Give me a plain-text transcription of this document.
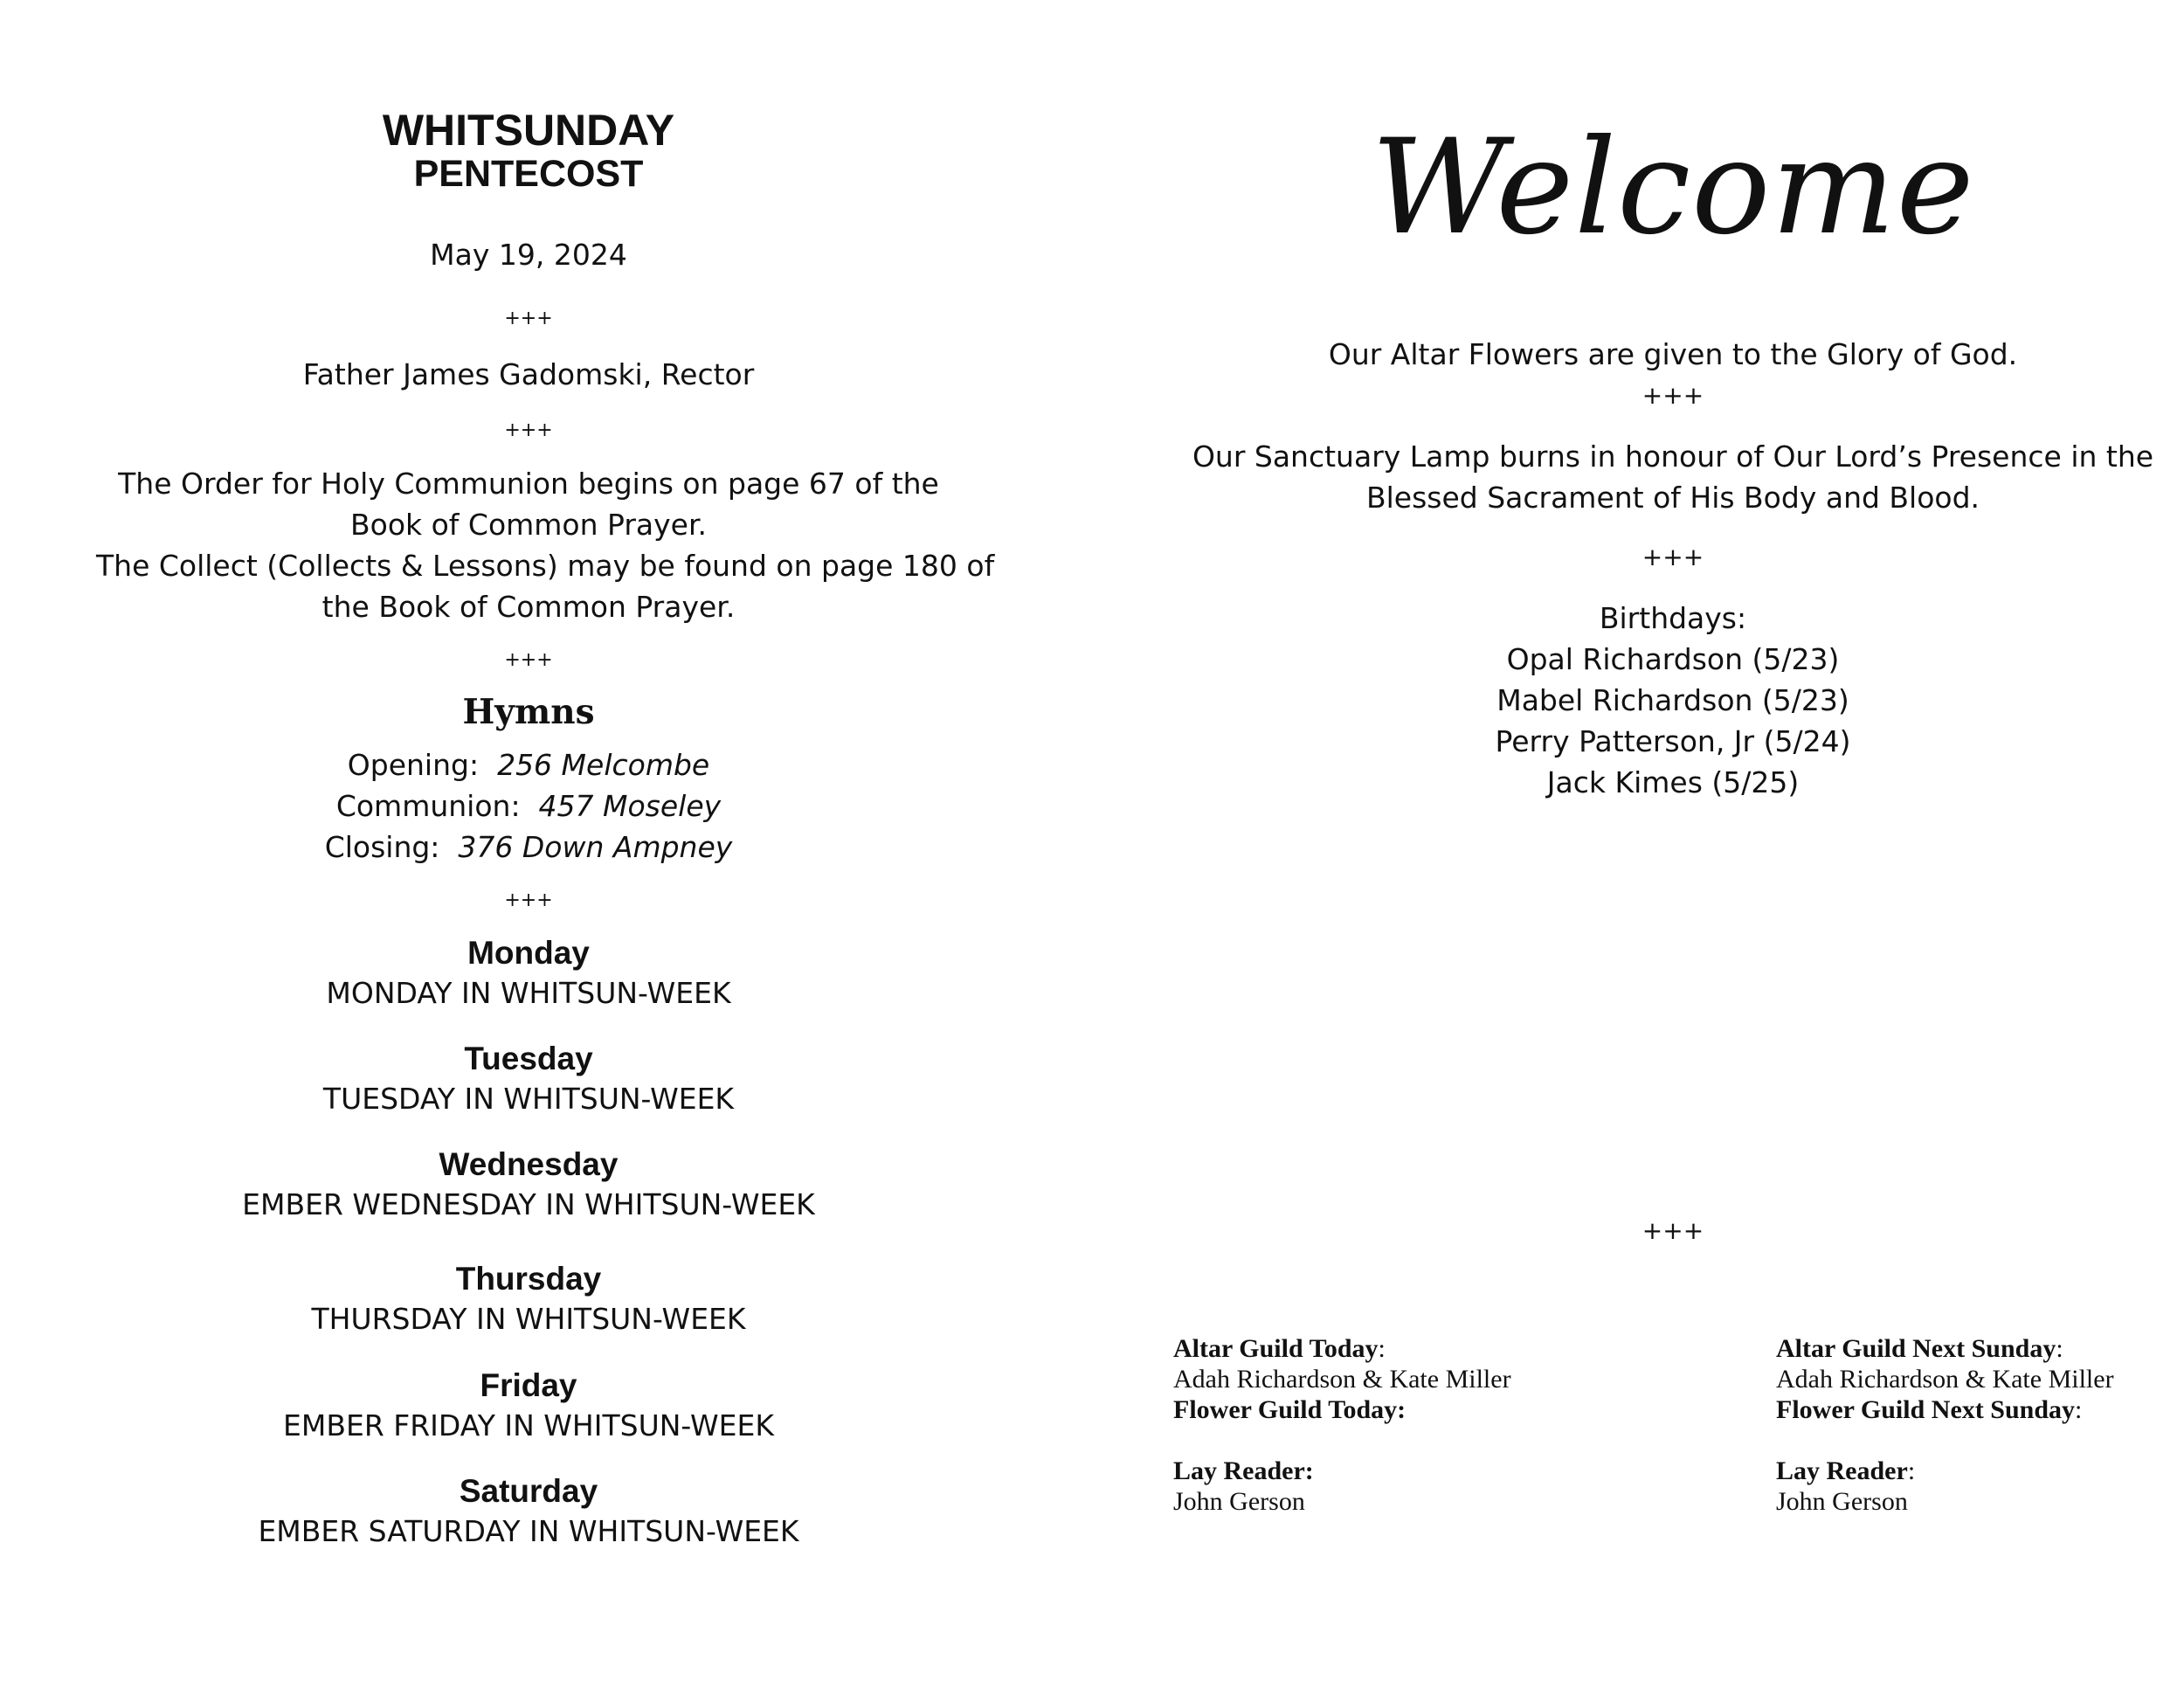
WHITSUNDAY
PENTECOST
May 19, 2024
+++
Father James Gadomski, Rector
+++
The Order for Holy Communion begins on page 67 of the
Book of Common Prayer.
The Collect (Collects & Lessons) may be found on page 180 of
the Book of Common Prayer.
+++
Hymns
Opening: 256 Melcombe
Communion: 457 Moseley
Closing: 376 Down Ampney
+++
Monday
MONDAY IN WHITSUN-WEEK
Tuesday
TUESDAY IN WHITSUN-WEEK
Wednesday
EMBER WEDNESDAY IN WHITSUN-WEEK
Thursday
THURSDAY IN WHITSUN-WEEK
Friday
EMBER FRIDAY IN WHITSUN-WEEK
Saturday
EMBER SATURDAY IN WHITSUN-WEEK
Welcome
Our Altar Flowers are given to the Glory of God.
+++
Our Sanctuary Lamp burns in honour of Our Lord’s Presence in the
Blessed Sacrament of His Body and Blood.
+++
Birthdays:
Opal Richardson (5/23)
Mabel Richardson (5/23)
Perry Patterson, Jr (5/24)
Jack Kimes (5/25)
+++
Altar Guild Today:
Adah Richardson & Kate Miller
Flower Guild Today:
Lay Reader:
John Gerson
Altar Guild Next Sunday:
Adah Richardson & Kate Miller
Flower Guild Next Sunday:
Lay Reader:
John Gerson
